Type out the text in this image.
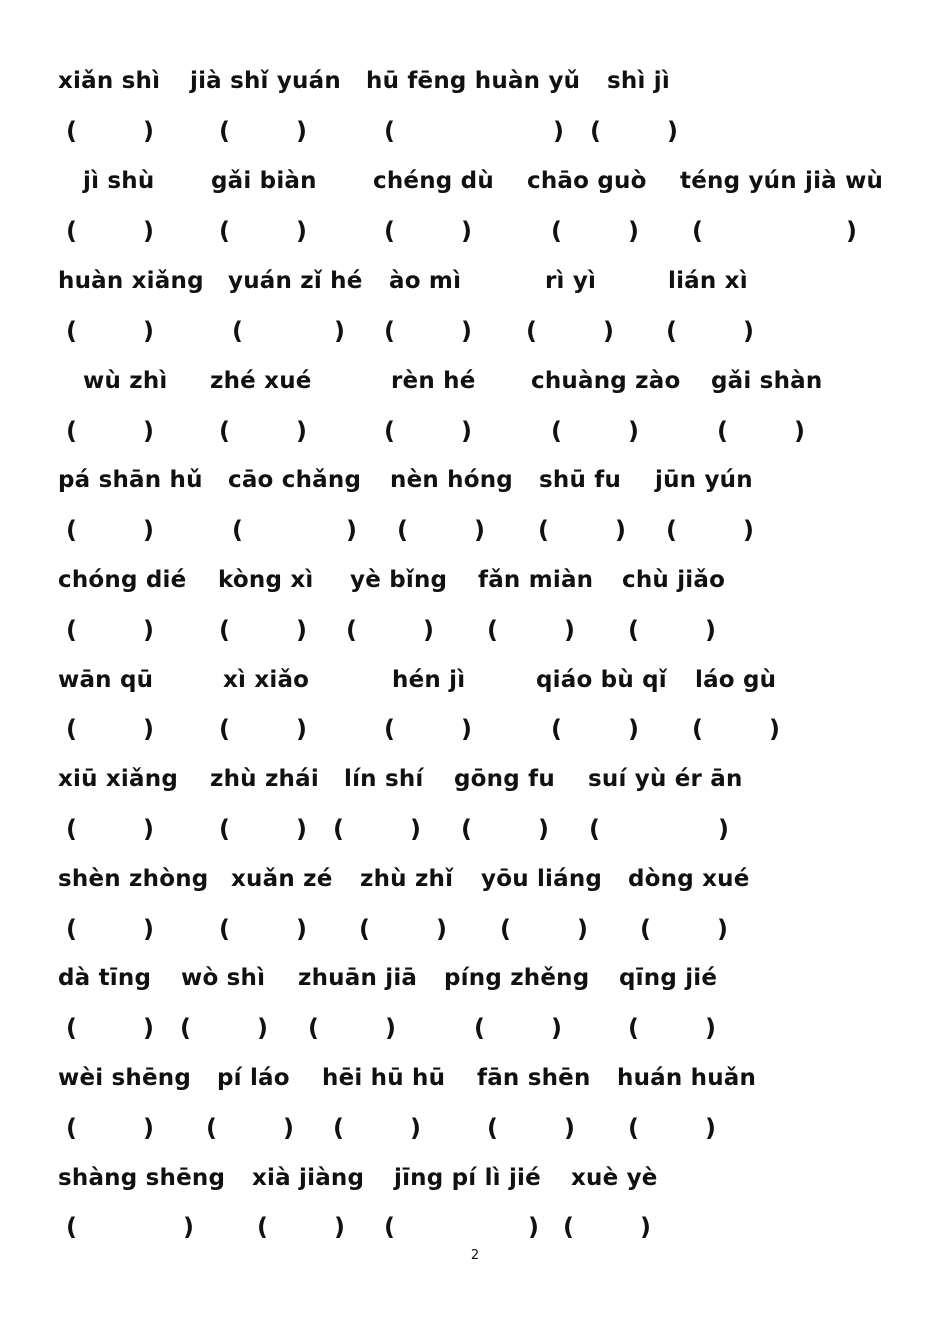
xiǎn shì jià shǐ yuán hū fēng huàn yǔ shì jì
(	)	(	)	(	) (	)
jì shù gǎi biàn chéng dù chāo guò téng yún jià wù
(	)	(	)	(	)	(	) (	)
huàn xiǎng yuán zǐ hé ào mì	rì yì	lián xì
(	)	(	) (	) (	) (	)
wù zhì zhé xué	rèn hé chuàng zào gǎi shàn
(	)	(	)	(	)	(	)	(	)
pá shān hǔ cāo chǎng nèn hóng shū fu jūn yún
(	)	(	) (	) (	) (	)
chóng dié kòng xì yè bǐng fǎn miàn chù jiǎo
(	)	(	) (	) (	) (	)
wān qū	xì xiǎo	hén jì	qiáo bù qǐ láo gù
(	)	(	)	(	)	(	) (	)
xiū xiǎng zhù zhái lín shí gōng fu suí yù ér ān
(	)	(	) (	) (	) (	)
shèn zhòng xuǎn zé zhù zhǐ yōu liáng dòng xué
(	)	(	) (	) (	) (	)
dà tīng wò shì zhuān jiā píng zhěng qīng jié
(	) (	) (	)	(	)	(	)
wèi shēng pí láo hēi hū hū fān shēn huán huǎn
(	) (	) (	)	(	) (	)
shàng shēng xià jiàng jīng pí lì jié xuè yè
(	)	(	) (	) (	)
2
